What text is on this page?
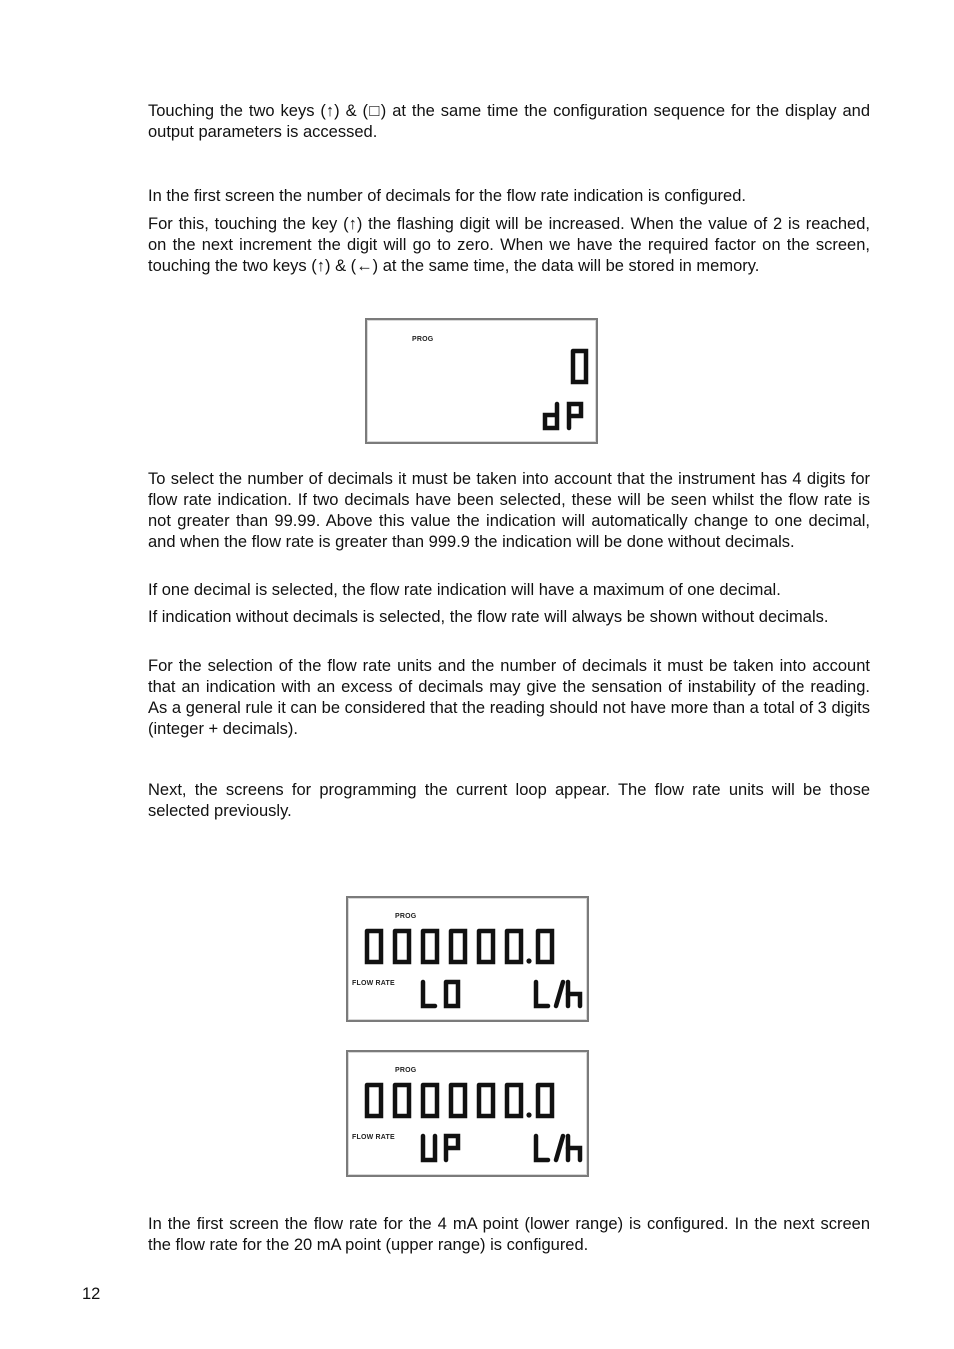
Touching the two keys (↑) & (□) at the same time the configuration sequence for the display and output parameters is accessed.

In the first screen the number of decimals for the flow rate indication is configured.

For this, touching the key (↑) the flashing digit will be increased. When the value of 2 is reached, on the next increment the digit will go to zero. When we have the required factor on the screen, touching the two keys (↑) & (←) at the same time, the data will be stored in memory.

PROG

To select the number of decimals it must be taken into account that the instrument has 4 digits for flow rate indication. If two decimals have been selected, these will be seen whilst the flow rate is not greater than 99.99. Above this value the indication will automatically change to one decimal, and when the flow rate is greater than 999.9 the indication will be done without decimals.

If one decimal is selected, the flow rate indication will have a maximum of one decimal.

If indication without decimals is selected, the flow rate will always be shown without decimals.

For the selection of the flow rate units and the number of decimals it must be taken into account that an indication with an excess of decimals may give the sensation of instability of the reading. As a general rule it can be considered that the reading should not have more than a total of 3 digits (integer + decimals).

Next, the screens for programming the current loop appear. The flow rate units will be those selected previously.

PROG
FLOW RATE
PROG
FLOW RATE

In the first screen the flow rate for the 4 mA point (lower range) is configured. In the next screen the flow rate for the 20 mA point (upper range) is configured.

12
